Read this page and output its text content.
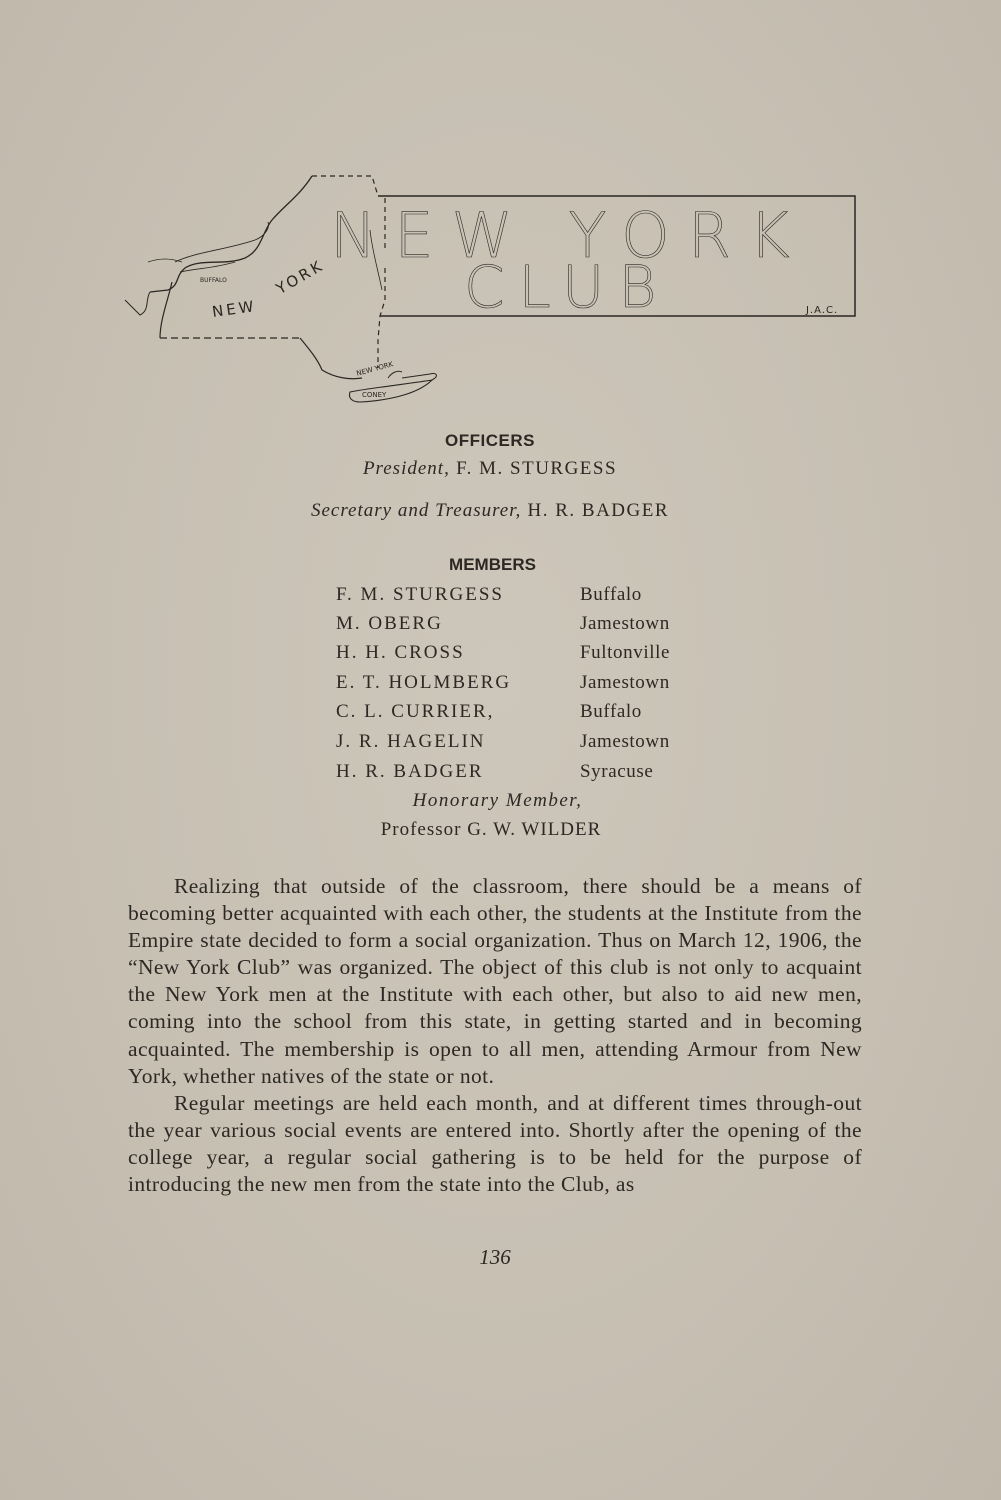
NEW YORK
CLUB	J.A.C.
BUFFALO
NEW
YORK
NEW YORK
CONEY
OFFICERS
President, F. M. STURGESS
Secretary and Treasurer, H. R. BADGER
MEMBERS
F. M. STURGESS	Buffalo
M. OBERG	Jamestown
H. H. CROSS	Fultonville
E. T. HOLMBERG	Jamestown
C. L. CURRIER,	Buffalo
J. R. HAGELIN	Jamestown
H. R. BADGER	Syracuse
Honorary Member,
Professor G. W. WILDER

Realizing that outside of the classroom, there should be a means of becoming better acquainted with each other, the students at the Institute from the Empire state decided to form a social organization. Thus on March 12, 1906, the “New York Club” was organized. The object of this club is not only to acquaint the New York men at the Institute with each other, but also to aid new men, coming into the school from this state, in getting started and in becoming acquainted. The membership is open to all men, attending Armour from New York, whether natives of the state or not.

Regular meetings are held each month, and at different times through-out the year various social events are entered into. Shortly after the opening of the college year, a regular social gathering is to be held for the purpose of introducing the new men from the state into the Club, as

136
